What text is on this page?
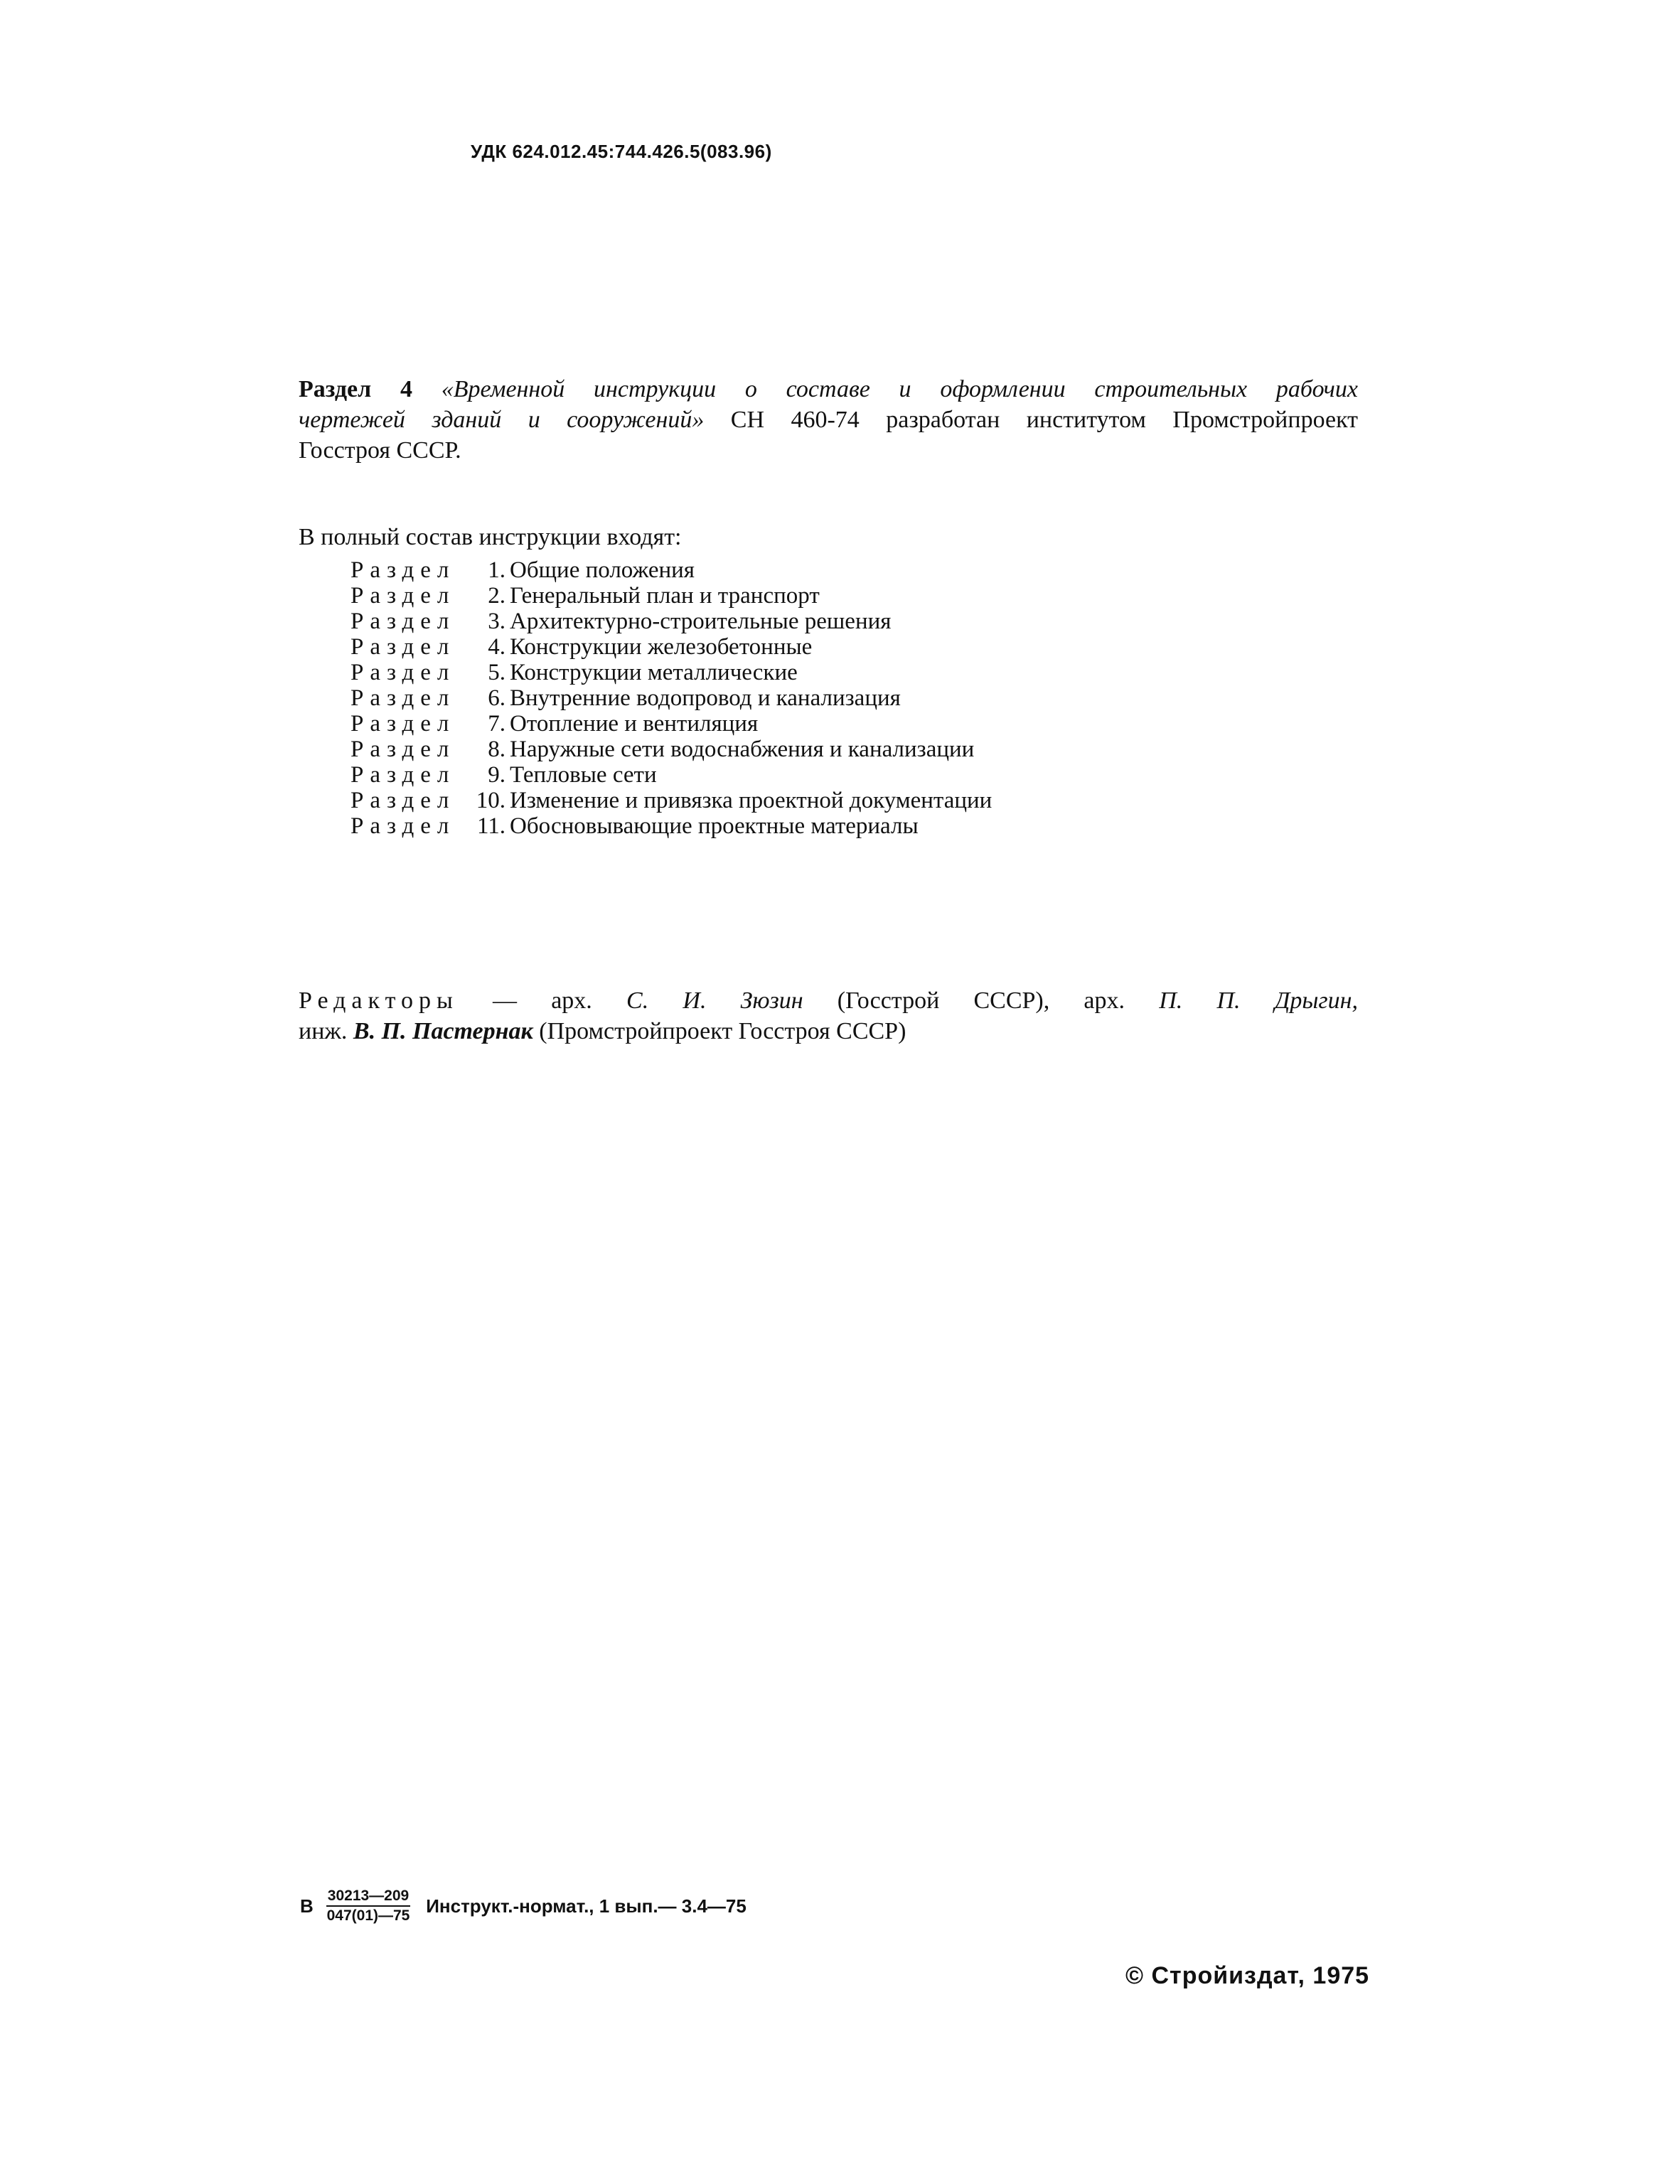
УДК 624.012.45:744.426.5(083.96)
Раздел 4 «Временной инструкции о составе и оформлении строительных рабочих
чертежей зданий и сооружений» СН 460-74 разработан институтом Промстройпроект
Госстроя СССР.
В полный состав инструкции входят:
Раздел	1. Общие положения
Раздел	2. Генеральный план и транспорт
Раздел	3. Архитектурно-строительные решения
Раздел	4. Конструкции железобетонные
Раздел	5. Конструкции металлические
Раздел	6. Внутренние водопровод и канализация
Раздел	7. Отопление и вентиляция
Раздел	8. Наружные сети водоснабжения и канализации
Раздел	9. Тепловые сети
Раздел 10. Изменение и привязка проектной документации
Раздел 11. Обосновывающие проектные материалы
Редакторы — арх. С. И. Зюзин (Госстрой СССР), арх. П. П. Дрыгин,
инж. В. П. Пастернак (Промстройпроект Госстроя СССР)
В $\frac{30213—209}{047(01)—75}$ Инструкт.-нормат., 1 вып.— 3.4—75
© Стройиздат, 1975
